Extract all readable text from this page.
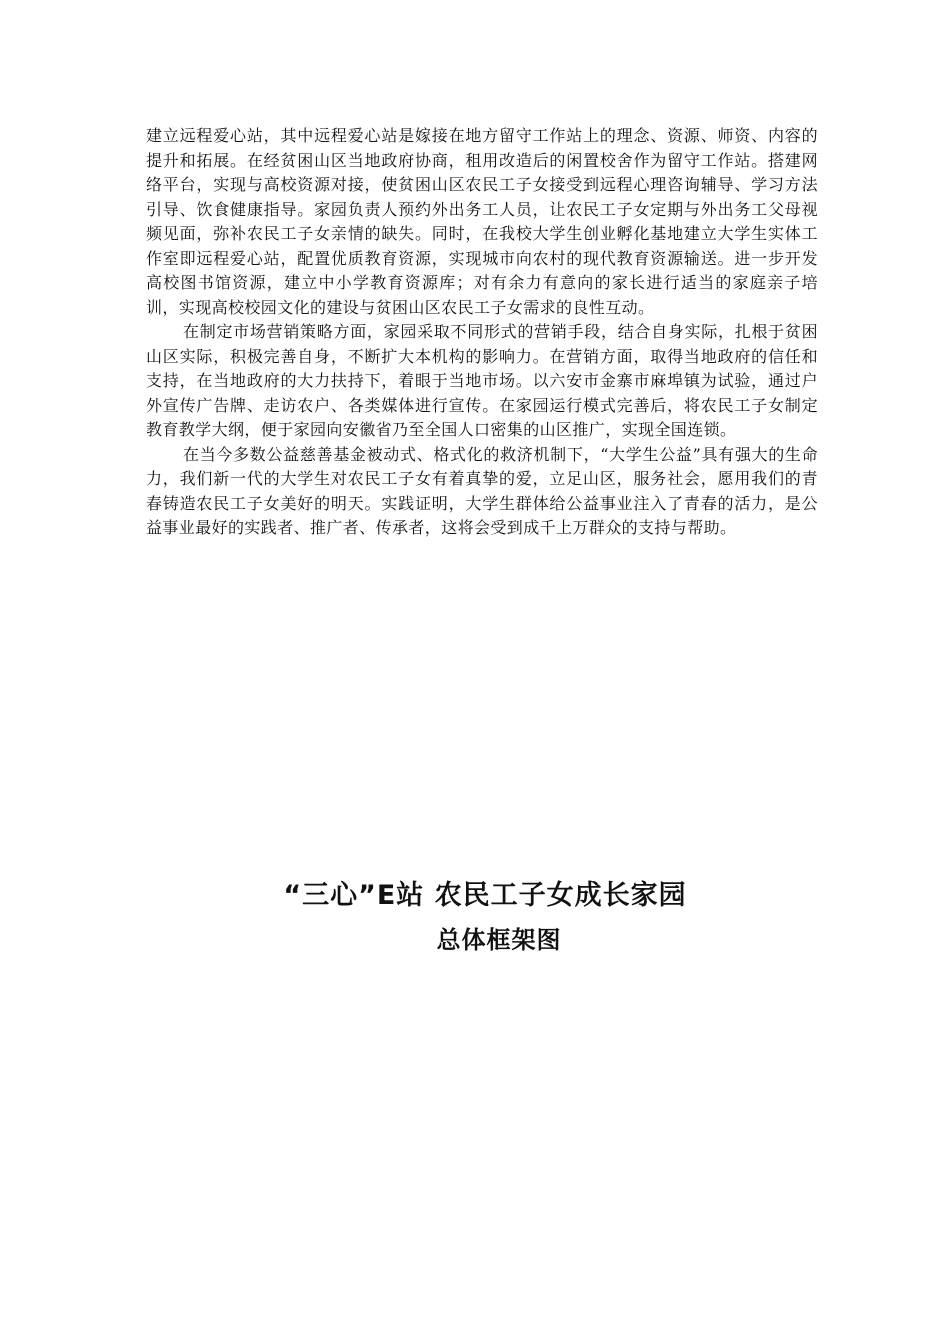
建立远程爱心站，其中远程爱心站是嫁接在地方留守工作站上的理念、资源、师资、内容的提升和拓展。在经贫困山区当地政府协商，租用改造后的闲置校舍作为留守工作站。搭建网络平台，实现与高校资源对接，使贫困山区农民工子女接受到远程心理咨询辅导、学习方法引导、饮食健康指导。家园负责人预约外出务工人员，让农民工子女定期与外出务工父母视频见面，弥补农民工子女亲情的缺失。同时，在我校大学生创业孵化基地建立大学生实体工作室即远程爱心站，配置优质教育资源，实现城市向农村的现代教育资源输送。进一步开发高校图书馆资源，建立中小学教育资源库；对有余力有意向的家长进行适当的家庭亲子培训，实现高校校园文化的建设与贫困山区农民工子女需求的良性互动。

在制定市场营销策略方面，家园采取不同形式的营销手段，结合自身实际，扎根于贫困山区实际，积极完善自身，不断扩大本机构的影响力。在营销方面，取得当地政府的信任和支持，在当地政府的大力扶持下，着眼于当地市场。以六安市金寨市麻埠镇为试验，通过户外宣传广告牌、走访农户、各类媒体进行宣传。在家园运行模式完善后，将农民工子女制定教育教学大纲，便于家园向安徽省乃至全国人口密集的山区推广，实现全国连锁。

在当今多数公益慈善基金被动式、格式化的救济机制下，“大学生公益”具有强大的生命力，我们新一代的大学生对农民工子女有着真挚的爱，立足山区，服务社会，愿用我们的青春铸造农民工子女美好的明天。实践证明，大学生群体给公益事业注入了青春的活力，是公益事业最好的实践者、推广者、传承者，这将会受到成千上万群众的支持与帮助。

“三心”E站 农民工子女成长家园

总体框架图
